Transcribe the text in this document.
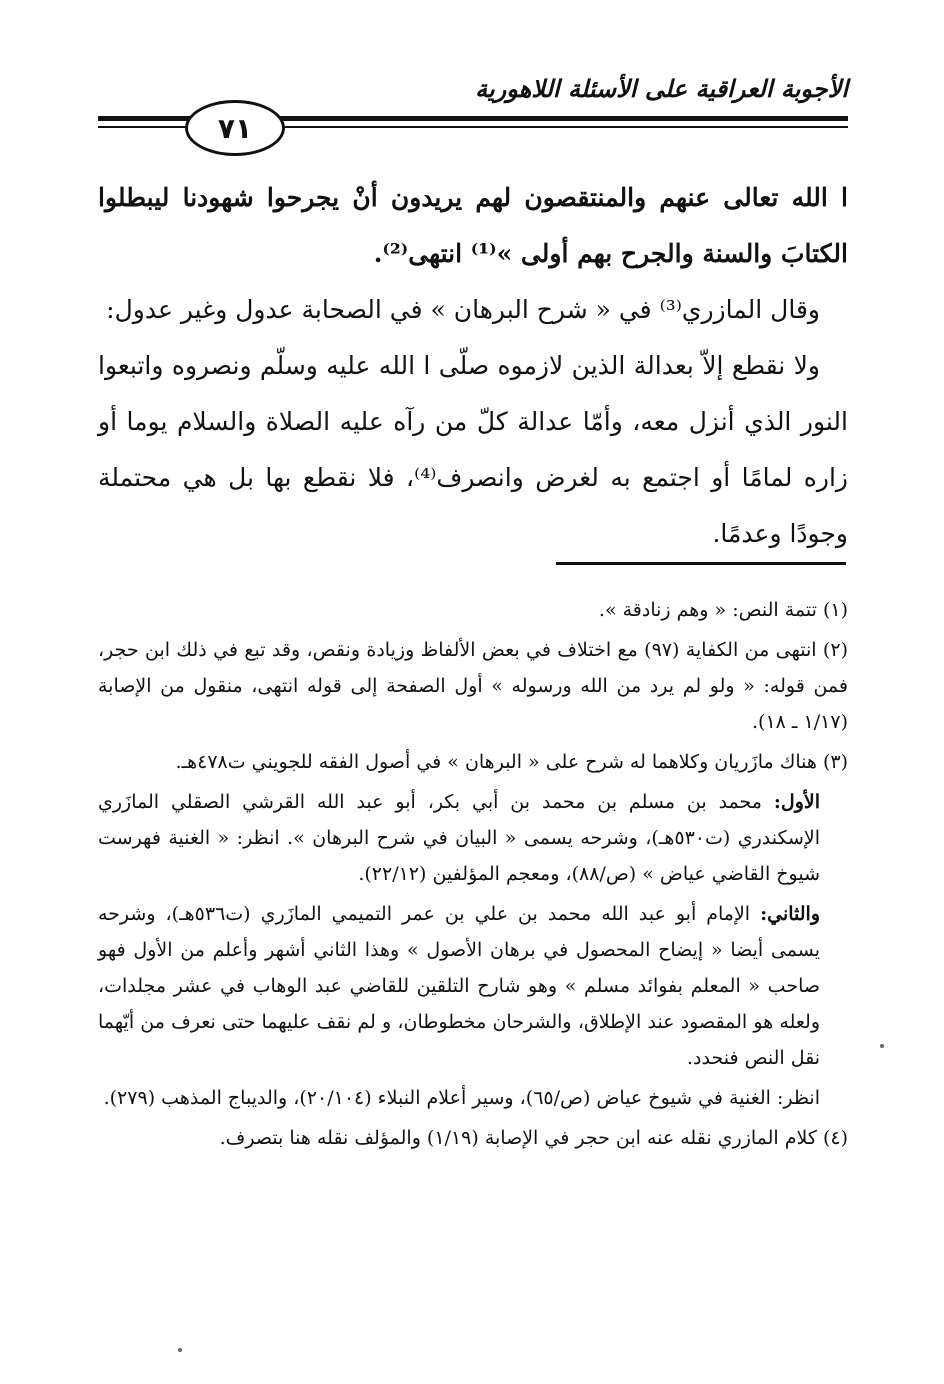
الأجوبة العراقية على الأسئلة اللاهورية
٧١

ا الله تعالى عنهم والمنتقصون لهم يريدون أنْ يجرحوا شهودنا ليبطلوا الكتابَ والسنة والجرح بهم أولى »⁽¹⁾ انتهى⁽²⁾.

وقال المازري⁽³⁾ في « شرح البرهان » في الصحابة عدول وغير عدول:

ولا نقطع إلاّ بعدالة الذين لازموه صلّى ا الله عليه وسلّم ونصروه واتبعوا النور الذي أنزل معه، وأمّا عدالة كلّ من رآه عليه الصلاة والسلام يوما أو زاره لمامًا أو اجتمع به لغرض وانصرف⁽⁴⁾، فلا نقطع بها بل هي محتملة وجودًا وعدمًا.

(١) تتمة النص: « وهم زنادقة ».

(٢) انتهى من الكفاية (٩٧) مع اختلاف في بعض الألفاظ وزيادة ونقص، وقد تبع في ذلك ابن حجر، فمن قوله: « ولو لم يرد من الله ورسوله » أول الصفحة إلى قوله انتهى، منقول من الإصابة (١/١٧ ـ ١٨).

(٣) هناك مازَريان وكلاهما له شرح على « البرهان » في أصول الفقه للجويني ت٤٧٨هـ.

الأول: محمد بن مسلم بن محمد بن أبي بكر، أبو عبد الله القرشي الصقلي المازَري الإسكندري (ت٥٣٠هـ)، وشرحه يسمى « البيان في شرح البرهان ». انظر: « الغنية فهرست شيوخ القاضي عياض » (ص/٨٨)، ومعجم المؤلفين (٢٢/١٢).

والثاني: الإمام أبو عبد الله محمد بن علي بن عمر التميمي المازَري (ت٥٣٦هـ)، وشرحه يسمى أيضا « إيضاح المحصول في برهان الأصول » وهذا الثاني أشهر وأعلم من الأول فهو صاحب « المعلم بفوائد مسلم » وهو شارح التلقين للقاضي عبد الوهاب في عشر مجلدات، ولعله هو المقصود عند الإطلاق، والشرحان مخطوطان، و لم نقف عليهما حتى نعرف من أيّهما نقل النص فنحدد.

انظر: الغنية في شيوخ عياض (ص/٦٥)، وسير أعلام النبلاء (٢٠/١٠٤)، والديباج المذهب (٢٧٩).

(٤) كلام المازري نقله عنه ابن حجر في الإصابة (١/١٩) والمؤلف نقله هنا بتصرف.
